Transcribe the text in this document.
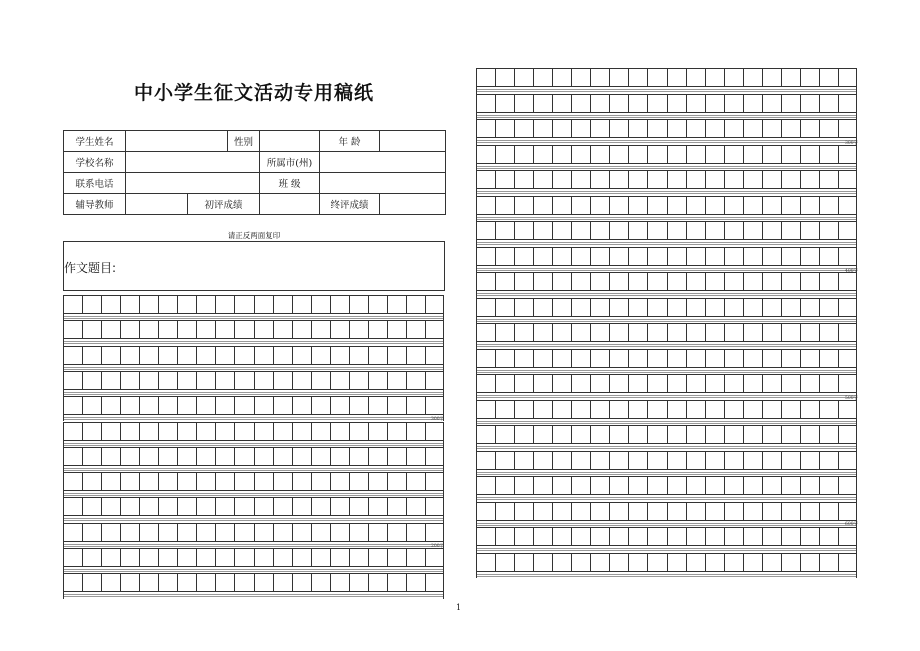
中小学生征文活动专用稿纸
学生姓名			性别		年 龄	
学校名称				所属市(州)		
联系电话				班 级		
辅导教师		初评成绩			终评成绩	
请正反两面复印
作文题目:
300字
200字
300字
400字
500字
600字
1
